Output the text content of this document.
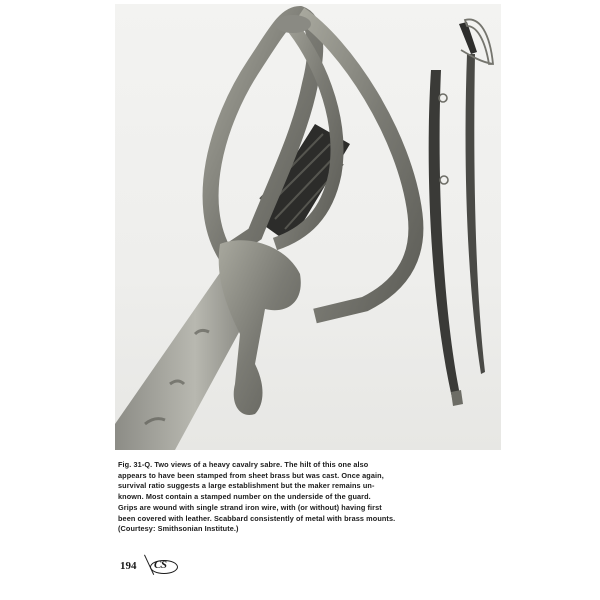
Fig. 31-Q. Two views of a heavy cavalry sabre. The hilt of this one also
appears to have been stamped from sheet brass but was cast. Once again,
survival ratio suggests a large establishment but the maker remains un-
known. Most contain a stamped number on the underside of the guard.
Grips are wound with single strand iron wire, with (or without) having first
been covered with leather. Scabbard consistently of metal with brass mounts.
(Courtesy: Smithsonian Institute.)
194 CS
